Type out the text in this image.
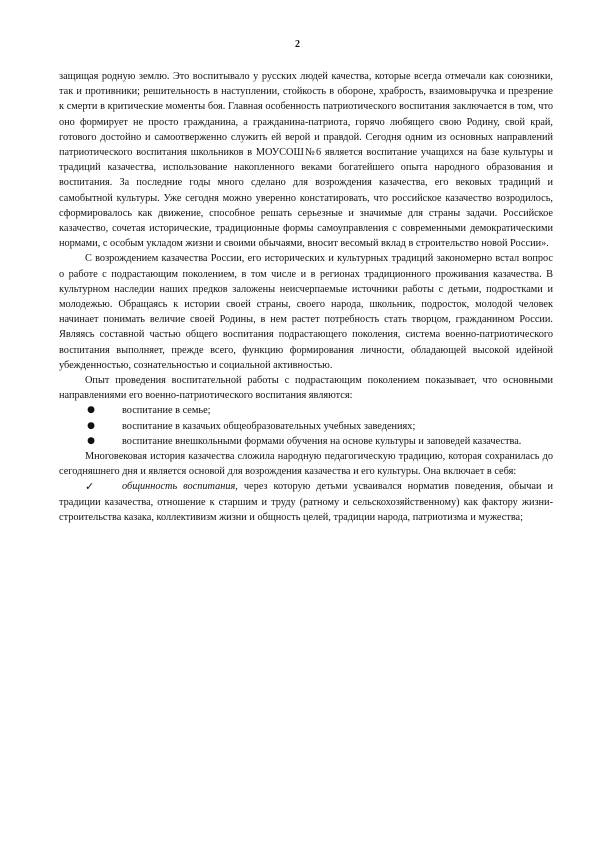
2

защищая родную землю. Это воспитывало у русских людей качества, которые всегда отмечали как союзники, так и противники; решительность в наступлении, стойкость в обороне, храбрость, взаимовыручка и презрение к смерти в критические моменты боя. Главная особенность патриотического воспитания заключается в том, что оно формирует не просто гражданина, а гражданина-патриота, горячо любящего свою Родину, свой край, готового достойно и самоотверженно служить ей верой и правдой. Сегодня одним из основных направлений патриотического воспитания школьников в МОУСОШ№6 является воспитание учащихся на базе культуры и традиций казачества, использование накопленного веками богатейшего опыта народного образования и воспитания. За последние годы много сделано для возрождения казачества, его вековых традиций и самобытной культуры. Уже сегодня можно уверенно констатировать, что российское казачество возродилось, сформировалось как движение, способное решать серьезные и значимые для страны задачи. Российское казачество, сочетая исторические, традиционные формы самоуправления с современными демократическими нормами, с особым укладом жизни и своими обычаями, вносит весомый вклад в строительство новой России».

С возрождением казачества России, его исторических и культурных традиций закономерно встал вопрос о работе с подрастающим поколением, в том числе и в регионах традиционного проживания казачества. В культурном наследии наших предков заложены неисчерпаемые источники работы с детьми, подростками и молодежью. Обращаясь к истории своей страны, своего народа, школьник, подросток, молодой человек начинает понимать величие своей Родины, в нем растет потребность стать творцом, гражданином России. Являясь составной частью общего воспитания подрастающего поколения, система военно-патриотического воспитания выполняет, прежде всего, функцию формирования личности, обладающей высокой идейной убежденностью, сознательностью и социальной активностью.

Опыт проведения воспитательной работы с подрастающим поколением показывает, что основными направлениями его военно-патриотического воспитания являются:

●	воспитание в семье;
●	воспитание в казачьих общеобразовательных учебных заведениях;
●	воспитание внешкольными формами обучения на основе культуры и заповедей казачества.

Многовековая история казачества сложила народную педагогическую традицию, которая сохранилась до сегодняшнего дня и является основой для возрождения казачества и его культуры. Она включает в себя:

✓	общинность воспитания, через которую детьми усваивался норматив поведения, обычаи и традиции казачества, отношение к старшим и труду (ратному и сельскохозяйственному) как фактору жизни-строительства казака, коллективизм жизни и общность целей, традиции народа, патриотизма и мужества;
